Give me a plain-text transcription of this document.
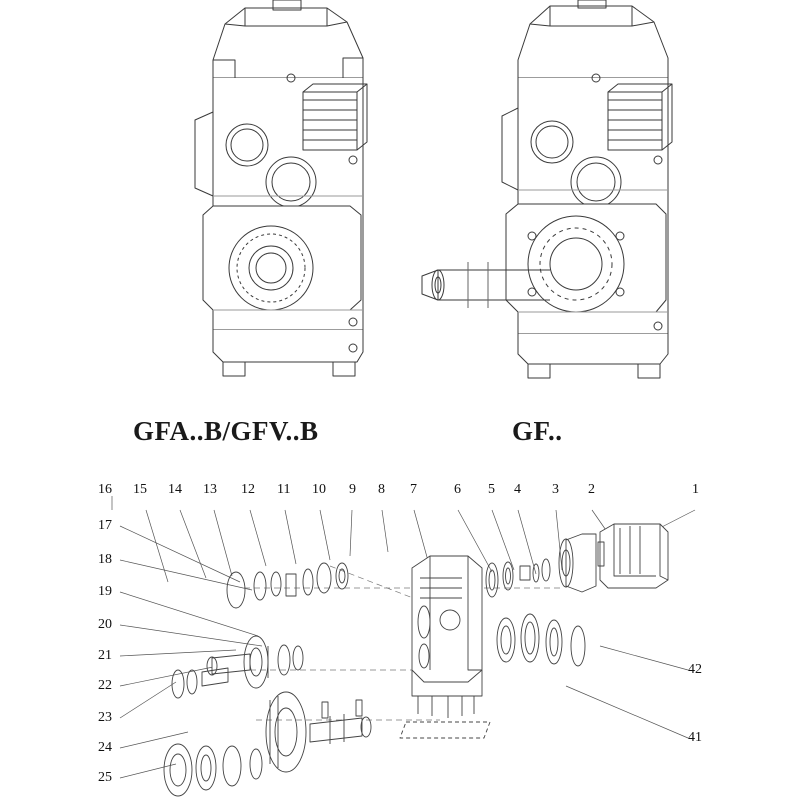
GFA..B/GFV..B	GF..
16 15 14 13 12 11 10 9 8 7	6 5 4 3 2	1
17
18
19
20
21
22
23
24
25
42
41
